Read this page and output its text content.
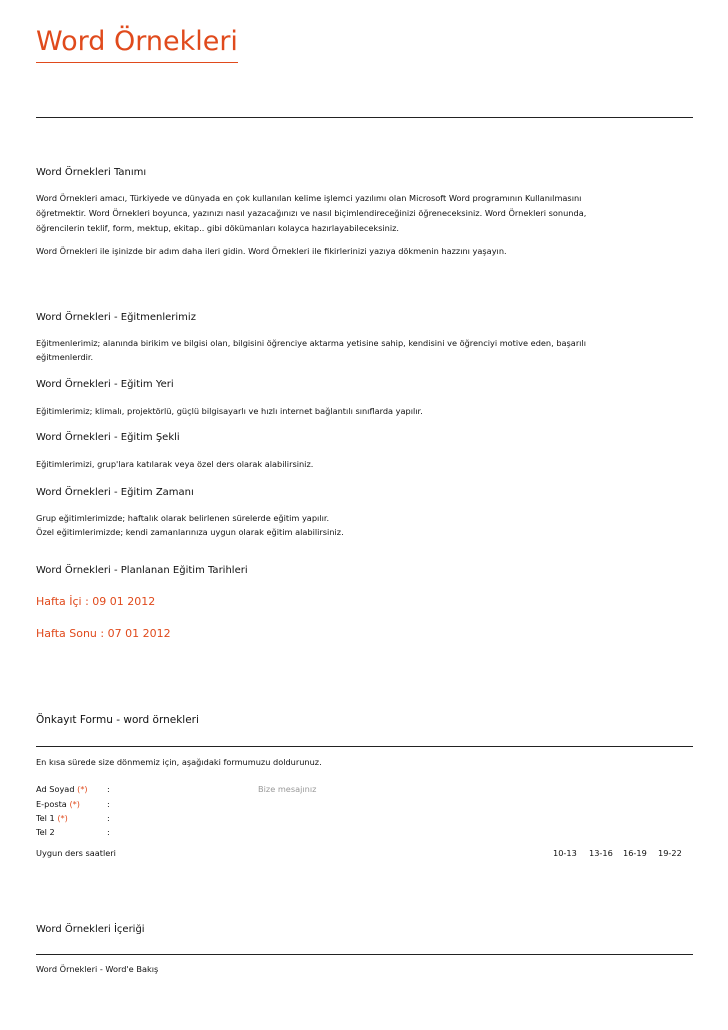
Word Örnekleri
Word Örnekleri Tanımı
Word Örnekleri amacı, Türkiyede ve dünyada en çok kullanılan kelime işlemci yazılımı olan Microsoft Word programının Kullanılmasını
öğretmektir. Word Örnekleri boyunca, yazınızı nasıl yazacağınızı ve nasıl biçimlendireceğinizi öğreneceksiniz. Word Örnekleri sonunda,
öğrencilerin teklif, form, mektup, ekitap.. gibi dökümanları kolayca hazırlayabileceksiniz.
Word Örnekleri ile işinizde bir adım daha ileri gidin. Word Örnekleri ile fikirlerinizi yazıya dökmenin hazzını yaşayın.
Word Örnekleri - Eğitmenlerimiz
Eğitmenlerimiz; alanında birikim ve bilgisi olan, bilgisini öğrenciye aktarma yetisine sahip, kendisini ve öğrenciyi motive eden, başarılı
eğitmenlerdir.
Word Örnekleri - Eğitim Yeri
Eğitimlerimiz; klimalı, projektörlü, güçlü bilgisayarlı ve hızlı internet bağlantılı sınıflarda yapılır.
Word Örnekleri - Eğitim Şekli
Eğitimlerimizi, grup'lara katılarak veya özel ders olarak alabilirsiniz.
Word Örnekleri - Eğitim Zamanı
Grup eğitimlerimizde; haftalık olarak belirlenen sürelerde eğitim yapılır.
Özel eğitimlerimizde; kendi zamanlarınıza uygun olarak eğitim alabilirsiniz.
Word Örnekleri - Planlanan Eğitim Tarihleri
Hafta İçi : 09 01 2012
Hafta Sonu : 07 01 2012
Önkayıt Formu - word örnekleri
En kısa sürede size dönmemiz için, aşağıdaki formumuzu doldurunuz.
Ad Soyad (*) :
E-posta (*)	:
Tel 1 (*)	:
Tel 2	:
Bize mesajınız
Uygun ders saatleri	10-13 13-16 16-19 19-22
Word Örnekleri İçeriği
Word Örnekleri - Word'e Bakış
